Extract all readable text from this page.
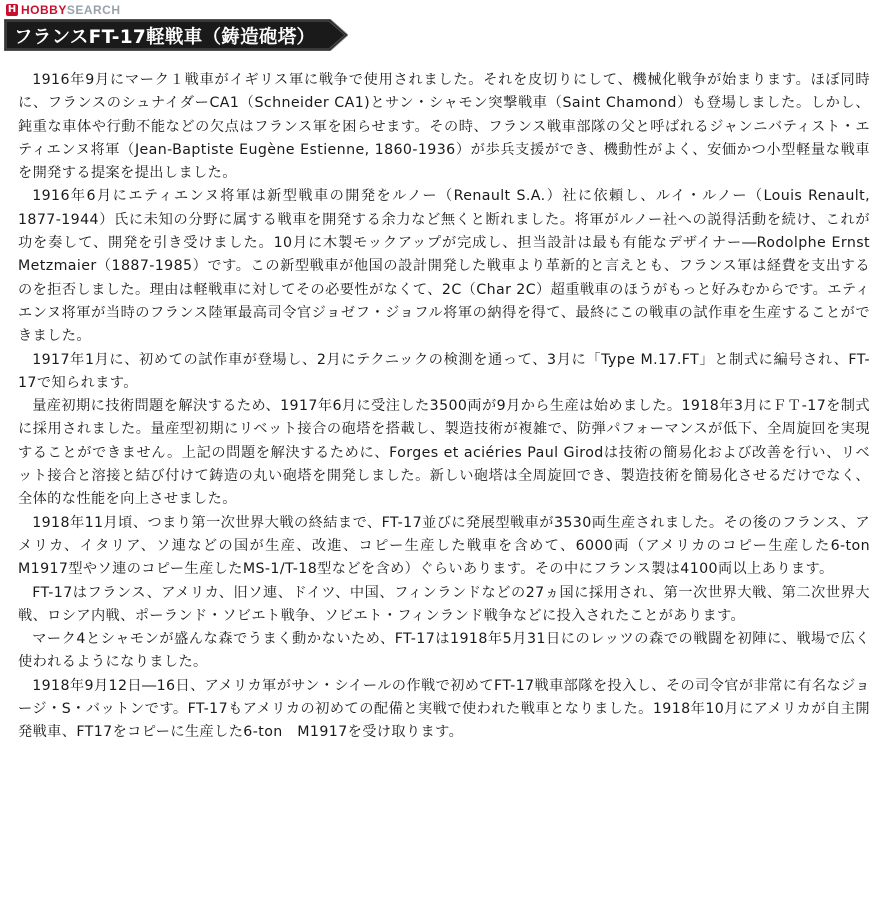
H HOBBY SEARCH
フランスFT-17軽戦車（鋳造砲塔）

1916年9月にマーク１戦車がイギリス軍に戦争で使用されました。それを皮切りにして、機械化戦争が始まります。ほぼ同時に、フランスのシュナイダーCA1（Schneider CA1)とサン・シャモン突撃戦車（Saint Chamond）も登場しました。しかし、鈍重な車体や行動不能などの欠点はフランス軍を困らせます。その時、フランス戦車部隊の父と呼ばれるジャンニバティスト・エティエンヌ将軍（Jean-Baptiste Eugène Estienne, 1860-1936）が歩兵支援ができ、機動性がよく、安価かつ小型軽量な戦車を開発する提案を提出しました。

1916年6月にエティエンヌ将軍は新型戦車の開発をルノー（Renault S.A.）社に依頼し、ルイ・ルノー（Louis Renault, 1877-1944）氏に未知の分野に属する戦車を開発する余力など無くと断れました。将軍がルノー社への説得活動を続け、これが功を奏して、開発を引き受けました。10月に木製モックアップが完成し、担当設計は最も有能なデザイナー―Rodolphe Ernst Metzmaier（1887-1985）です。この新型戦車が他国の設計開発した戦車より革新的と言えとも、フランス軍は経費を支出するのを拒否しました。理由は軽戦車に対してその必要性がなくて、2C（Char 2C）超重戦車のほうがもっと好みむからです。エティエンヌ将軍が当時のフランス陸軍最高司令官ジョゼフ・ジョフル将軍の納得を得て、最終にこの戦車の試作車を生産することができました。

1917年1月に、初めての試作車が登場し、2月にテクニックの検測を通って、3月に「Type M.17.FT」と制式に編号され、FT-17で知られます。

量産初期に技術問題を解決するため、1917年6月に受注した3500両が9月から生産は始めました。1918年3月にＦＴ-17を制式に採用されました。量産型初期にリベット接合の砲塔を搭載し、製造技術が複雑で、防弾パフォーマンスが低下、全周旋回を実現することができません。上記の問題を解決するために、Forges et aciéries Paul Girodは技術の簡易化および改善を行い、リベット接合と溶接と結び付けて鋳造の丸い砲塔を開発しました。新しい砲塔は全周旋回でき、製造技術を簡易化させるだけでなく、全体的な性能を向上させました。

1918年11月頃、つまり第一次世界大戦の終結まで、FT-17並びに発展型戦車が3530両生産されました。その後のフランス、アメリカ、イタリア、ソ連などの国が生産、改進、コピー生産した戦車を含めて、6000両（アメリカのコピー生産した6-ton　M1917型やソ連のコピー生産したMS-1/T-18型などを含め）ぐらいあります。その中にフランス製は4100両以上あります。

FT-17はフランス、アメリカ、旧ソ連、ドイツ、中国、フィンランドなどの27ヵ国に採用され、第一次世界大戦、第二次世界大戦、ロシア内戦、ポーランド・ソビエト戦争、ソビエト・フィンランド戦争などに投入されたことがあります。

マーク4とシャモンが盛んな森でうまく動かないため、FT-17は1918年5月31日にのレッツの森での戦闘を初陣に、戦場で広く使われるようになりました。

1918年9月12日―16日、アメリカ軍がサン・シイールの作戦で初めてFT-17戦車部隊を投入し、その司令官が非常に有名なジョージ・S・バットンです。FT-17もアメリカの初めての配備と実戦で使われた戦車となりました。1918年10月にアメリカが自主開発戦車、FT17をコピーに生産した6-ton　M1917を受け取ります。
